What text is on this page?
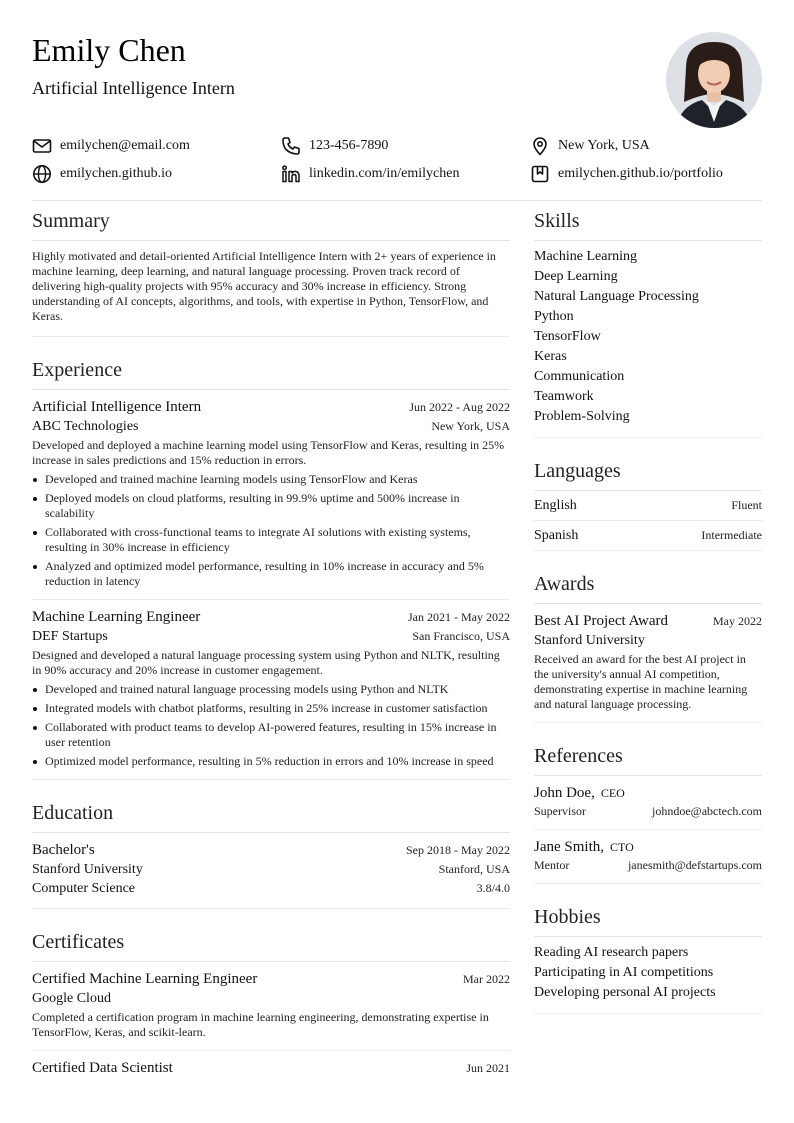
Emily Chen
Artificial Intelligence Intern
emilychen@email.com	123-456-7890	New York, USA
emilychen.github.io	linkedin.com/in/emilychen	emilychen.github.io/portfolio
Summary
Highly motivated and detail-oriented Artificial Intelligence Intern with 2+ years of experience in machine learning, deep learning, and natural language processing. Proven track record of delivering high-quality projects with 95% accuracy and 30% increase in efficiency. Strong understanding of AI concepts, algorithms, and tools, with expertise in Python, TensorFlow, and Keras.
Experience
Artificial Intelligence Intern	Jun 2022 - Aug 2022
ABC Technologies	New York, USA
Developed and deployed a machine learning model using TensorFlow and Keras, resulting in 25% increase in sales predictions and 15% reduction in errors.
Developed and trained machine learning models using TensorFlow and Keras
Deployed models on cloud platforms, resulting in 99.9% uptime and 500% increase in scalability
Collaborated with cross-functional teams to integrate AI solutions with existing systems, resulting in 30% increase in efficiency
Analyzed and optimized model performance, resulting in 10% increase in accuracy and 5% reduction in latency
Machine Learning Engineer	Jan 2021 - May 2022
DEF Startups	San Francisco, USA
Designed and developed a natural language processing system using Python and NLTK, resulting in 90% accuracy and 20% increase in customer engagement.
Developed and trained natural language processing models using Python and NLTK
Integrated models with chatbot platforms, resulting in 25% increase in customer satisfaction
Collaborated with product teams to develop AI-powered features, resulting in 15% increase in user retention
Optimized model performance, resulting in 5% reduction in errors and 10% increase in speed
Education
Bachelor's	Sep 2018 - May 2022
Stanford University	Stanford, USA
Computer Science	3.8/4.0
Certificates
Certified Machine Learning Engineer	Mar 2022
Google Cloud
Completed a certification program in machine learning engineering, demonstrating expertise in TensorFlow, Keras, and scikit-learn.
Certified Data Scientist	Jun 2021
Skills
Machine Learning
Deep Learning
Natural Language Processing
Python
TensorFlow
Keras
Communication
Teamwork
Problem-Solving
Languages
English	Fluent
Spanish	Intermediate
Awards
Best AI Project Award	May 2022
Stanford University
Received an award for the best AI project in the university's annual AI competition, demonstrating expertise in machine learning and natural language processing.
References
John Doe, CEO
Supervisor	johndoe@abctech.com
Jane Smith, CTO
Mentor	janesmith@defstartups.com
Hobbies
Reading AI research papers
Participating in AI competitions
Developing personal AI projects
